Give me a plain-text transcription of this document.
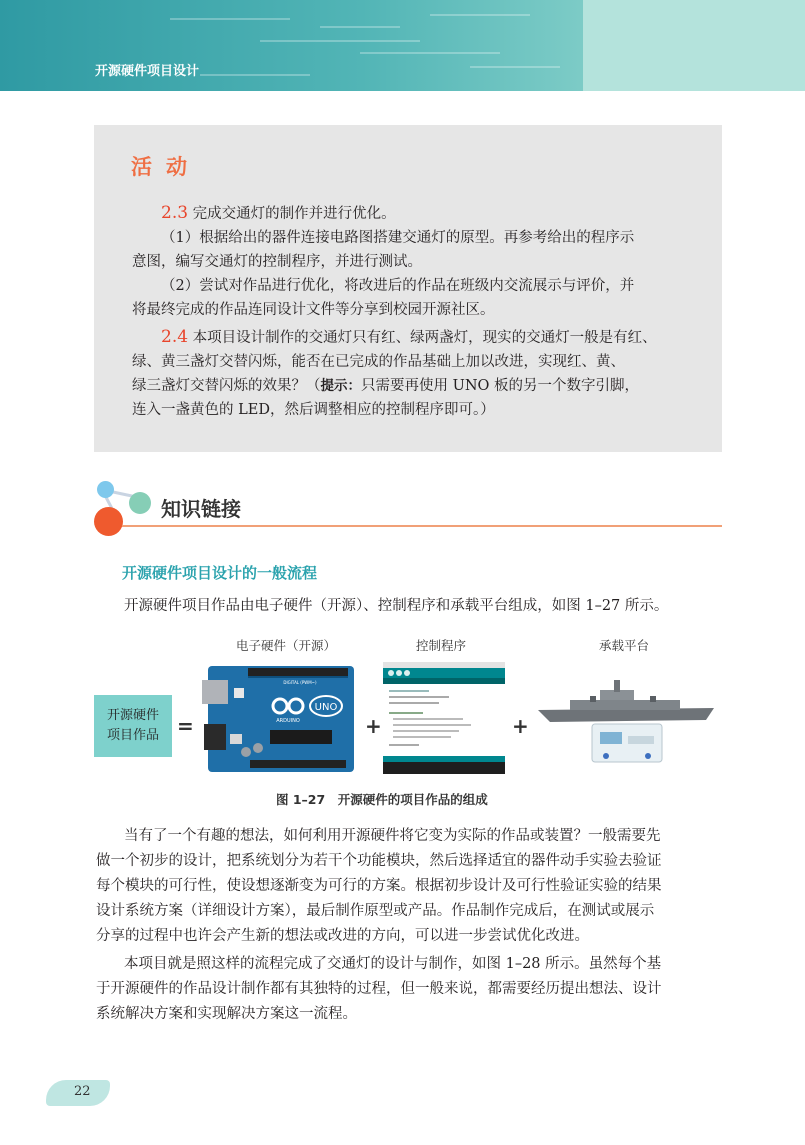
开源硬件项目设计
活动
2.3 完成交通灯的制作并进行优化。
（1）根据给出的器件连接电路图搭建交通灯的原型。再参考给出的程序示
意图，编写交通灯的控制程序，并进行测试。
（2）尝试对作品进行优化，将改进后的作品在班级内交流展示与评价，并
将最终完成的作品连同设计文件等分享到校园开源社区。
2.4 本项目设计制作的交通灯只有红、绿两盏灯，现实的交通灯一般是有红、
绿、黄三盏灯交替闪烁，能否在已完成的作品基础上加以改进，实现红、黄、
绿三盏灯交替闪烁的效果？（提示：只需要再使用 UNO 板的另一个数字引脚，
连入一盏黄色的 LED，然后调整相应的控制程序即可。）
知识链接
开源硬件项目设计的一般流程
开源硬件项目作品由电子硬件（开源）、控制程序和承载平台组成，如图 1–27 所示。
电子硬件（开源）	控制程序	承载平台
开源硬件
项目作品 =	+	+
UNO
ARDUINO
DIGITAL (PWM~)
图 1–27　开源硬件的项目作品的组成
当有了一个有趣的想法，如何利用开源硬件将它变为实际的作品或装置？一般需要先
做一个初步的设计，把系统划分为若干个功能模块，然后选择适宜的器件动手实验去验证
每个模块的可行性，使设想逐渐变为可行的方案。根据初步设计及可行性验证实验的结果
设计系统方案（详细设计方案），最后制作原型或产品。作品制作完成后，在测试或展示
分享的过程中也许会产生新的想法或改进的方向，可以进一步尝试优化改进。
本项目就是照这样的流程完成了交通灯的设计与制作，如图 1–28 所示。虽然每个基
于开源硬件的作品设计制作都有其独特的过程，但一般来说，都需要经历提出想法、设计
系统解决方案和实现解决方案这一流程。
22
